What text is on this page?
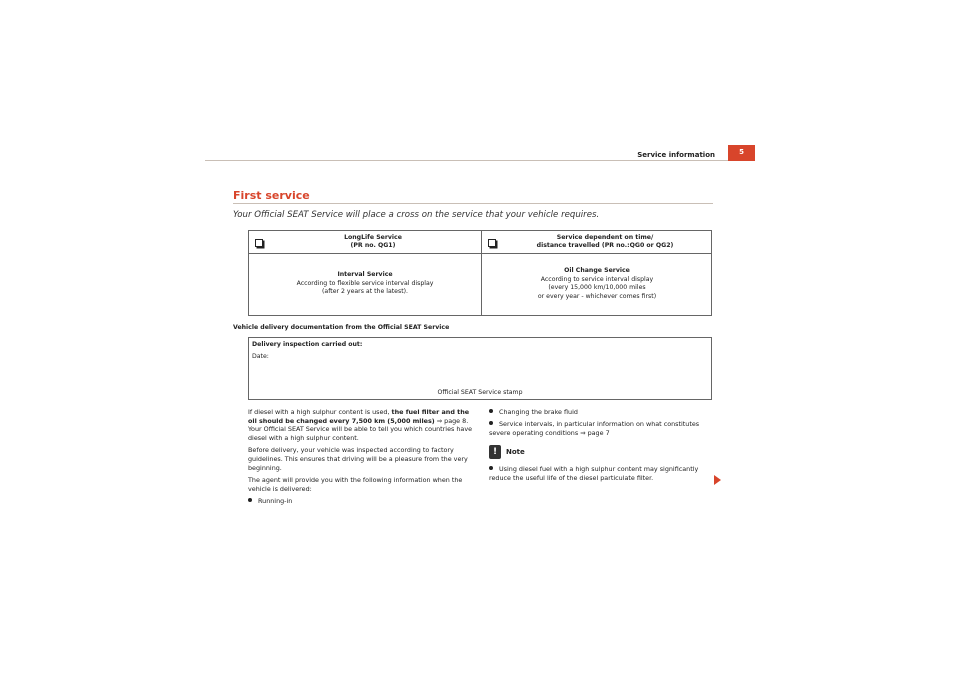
Service information	5
First service
Your Official SEAT Service will place a cross on the service that your vehicle requires.
LongLife Service
(PR no. QG1)
Service dependent on time/
distance travelled (PR no.:QG0 or QG2)
Interval Service
According to flexible service interval display
(after 2 years at the latest).
Oil Change Service
According to service interval display
(every 15,000 km/10,000 miles
or every year - whichever comes first)
Vehicle delivery documentation from the Official SEAT Service
Delivery inspection carried out:
Date:
Official SEAT Service stamp

If diesel with a high sulphur content is used, the fuel filter and the oil should be changed every 7,500 km (5,000 miles) ⇒ page 8. Your Official SEAT Service will be able to tell you which countries have diesel with a high sulphur content.

Before delivery, your vehicle was inspected according to factory guidelines. This ensures that driving will be a pleasure from the very beginning.

The agent will provide you with the following information when the vehicle is delivered:

Running-in
Changing the brake fluid
Service intervals, in particular information on what constitutes severe operating conditions ⇒ page 7
! Note
Using diesel fuel with a high sulphur content may significantly reduce the useful life of the diesel particulate filter.
